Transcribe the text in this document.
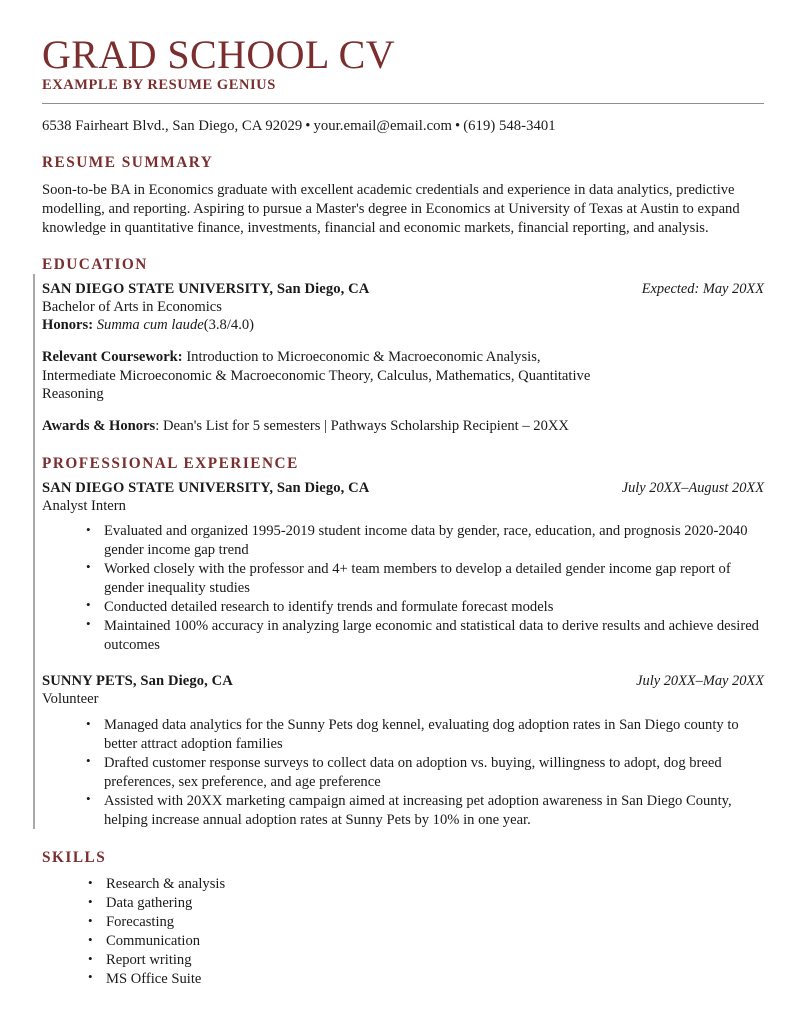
GRAD SCHOOL CV
EXAMPLE BY RESUME GENIUS
6538 Fairheart Blvd., San Diego, CA 92029 • your.email@email.com • (619) 548-3401
RESUME SUMMARY
Soon-to-be BA in Economics graduate with excellent academic credentials and experience in data analytics, predictive modelling, and reporting. Aspiring to pursue a Master's degree in Economics at University of Texas at Austin to expand knowledge in quantitative finance, investments, financial and economic markets, financial reporting, and analysis.
EDUCATION
SAN DIEGO STATE UNIVERSITY, San Diego, CA	Expected: May 20XX
Bachelor of Arts in Economics
Honors: Summa cum laude(3.8/4.0)
Relevant Coursework: Introduction to Microeconomic & Macroeconomic Analysis, Intermediate Microeconomic & Macroeconomic Theory, Calculus, Mathematics, Quantitative Reasoning
Awards & Honors: Dean's List for 5 semesters | Pathways Scholarship Recipient – 20XX
PROFESSIONAL EXPERIENCE
SAN DIEGO STATE UNIVERSITY, San Diego, CA	July 20XX–August 20XX
Analyst Intern
• Evaluated and organized 1995-2019 student income data by gender, race, education, and prognosis 2020-2040 gender income gap trend
• Worked closely with the professor and 4+ team members to develop a detailed gender income gap report of gender inequality studies
• Conducted detailed research to identify trends and formulate forecast models
• Maintained 100% accuracy in analyzing large economic and statistical data to derive results and achieve desired outcomes
SUNNY PETS, San Diego, CA	July 20XX–May 20XX
Volunteer
• Managed data analytics for the Sunny Pets dog kennel, evaluating dog adoption rates in San Diego county to better attract adoption families
• Drafted customer response surveys to collect data on adoption vs. buying, willingness to adopt, dog breed preferences, sex preference, and age preference
• Assisted with 20XX marketing campaign aimed at increasing pet adoption awareness in San Diego County, helping increase annual adoption rates at Sunny Pets by 10% in one year.
SKILLS
• Research & analysis
• Data gathering
• Forecasting
• Communication
• Report writing
• MS Office Suite
